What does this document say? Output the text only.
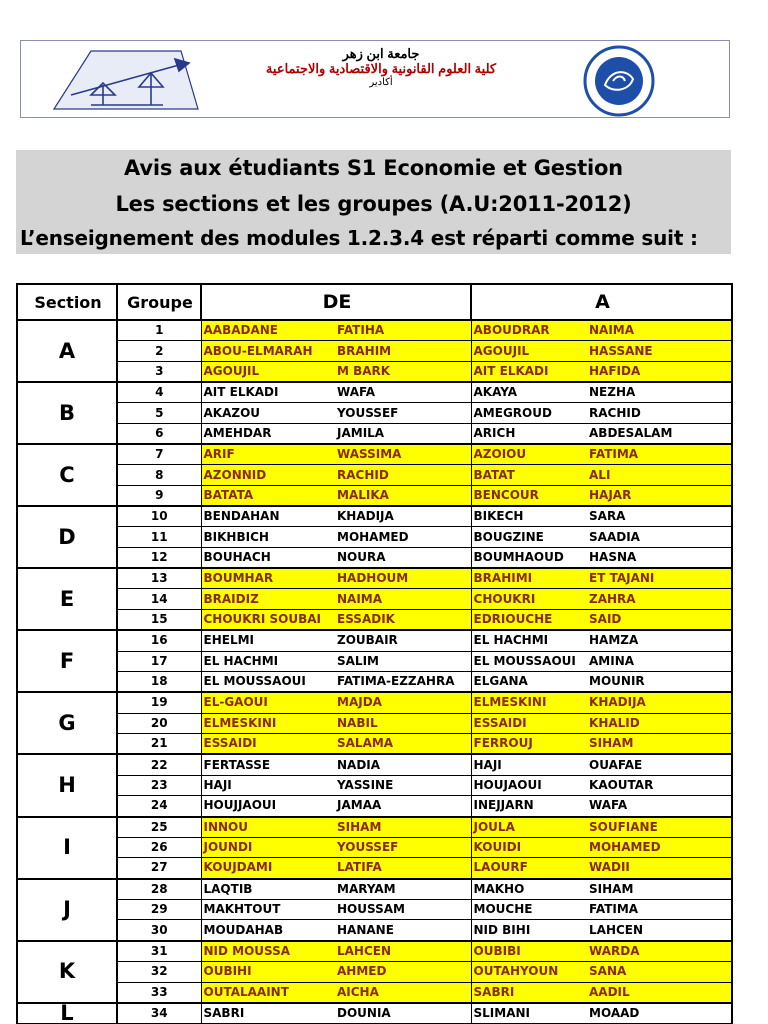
جامعة ابن زهر
كلية العلوم القانونية والاقتصادية والاجتماعية
أكادير
Avis aux étudiants S1 Economie et Gestion
Les sections et les groupes (A.U:2011-2012)
L’enseignement des modules 1.2.3.4 est réparti comme suit :
Section	Groupe	DE		A	
A	1	AABADANE	FATIHA	ABOUDRAR	NAIMA
	2	ABOU-ELMARAH	BRAHIM	AGOUJIL	HASSANE
	3	AGOUJIL	M BARK	AIT ELKADI	HAFIDA
B	4	AIT ELKADI	WAFA	AKAYA	NEZHA
	5	AKAZOU	YOUSSEF	AMEGROUD	RACHID
	6	AMEHDAR	JAMILA	ARICH	ABDESALAM
C	7	ARIF	WASSIMA	AZOIOU	FATIMA
	8	AZONNID	RACHID	BATAT	ALI
	9	BATATA	MALIKA	BENCOUR	HAJAR
D	10	BENDAHAN	KHADIJA	BIKECH	SARA
	11	BIKHBICH	MOHAMED	BOUGZINE	SAADIA
	12	BOUHACH	NOURA	BOUMHAOUD	HASNA
E	13	BOUMHAR	HADHOUM	BRAHIMI	ET TAJANI
	14	BRAIDIZ	NAIMA	CHOUKRI	ZAHRA
	15	CHOUKRI SOUBAI	ESSADIK	EDRIOUCHE	SAID
F	16	EHELMI	ZOUBAIR	EL HACHMI	HAMZA
	17	EL HACHMI	SALIM	EL MOUSSAOUI	AMINA
	18	EL MOUSSAOUI	FATIMA-EZZAHRA	ELGANA	MOUNIR
G	19	EL-GAOUI	MAJDA	ELMESKINI	KHADIJA
	20	ELMESKINI	NABIL	ESSAIDI	KHALID
	21	ESSAIDI	SALAMA	FERROUJ	SIHAM
H	22	FERTASSE	NADIA	HAJI	OUAFAE
	23	HAJI	YASSINE	HOUJAOUI	KAOUTAR
	24	HOUJJAOUI	JAMAA	INEJJARN	WAFA
I	25	INNOU	SIHAM	JOULA	SOUFIANE
	26	JOUNDI	YOUSSEF	KOUIDI	MOHAMED
	27	KOUJDAMI	LATIFA	LAOURF	WADII
J	28	LAQTIB	MARYAM	MAKHO	SIHAM
	29	MAKHTOUT	HOUSSAM	MOUCHE	FATIMA
	30	MOUDAHAB	HANANE	NID BIHI	LAHCEN
K	31	NID MOUSSA	LAHCEN	OUBIBI	WARDA
	32	OUBIHI	AHMED	OUTAHYOUN	SANA
	33	OUTALAAINT	AICHA	SABRI	AADIL
L	34	SABRI	DOUNIA	SLIMANI	MOAAD
